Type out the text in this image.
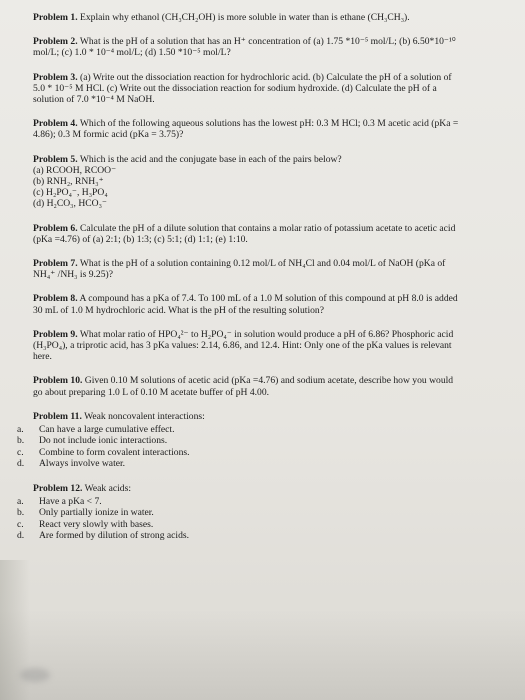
Problem 1. Explain why ethanol (CH₃CH₂OH) is more soluble in water than is ethane (CH₃CH₃).
Problem 2. What is the pH of a solution that has an H⁺ concentration of (a) 1.75 *10⁻⁵ mol/L; (b) 6.50*10⁻¹⁰
mol/L; (c) 1.0 * 10⁻⁴ mol/L; (d) 1.50 *10⁻⁵ mol/L?
Problem 3. (a) Write out the dissociation reaction for hydrochloric acid. (b) Calculate the pH of a solution of
5.0 * 10⁻⁵ M HCl. (c) Write out the dissociation reaction for sodium hydroxide. (d) Calculate the pH of a
solution of 7.0 *10⁻⁴ M NaOH.
Problem 4. Which of the following aqueous solutions has the lowest pH: 0.3 M HCl; 0.3 M acetic acid (pKa =
4.86); 0.3 M formic acid (pKa = 3.75)?
Problem 5. Which is the acid and the conjugate base in each of the pairs below?
(a) RCOOH, RCOO⁻
(b) RNH₂, RNH₃⁺
(c) H₂PO₄⁻, H₃PO₄
(d) H₂CO₃, HCO₃⁻
Problem 6. Calculate the pH of a dilute solution that contains a molar ratio of potassium acetate to acetic acid
(pKa =4.76) of (a) 2:1; (b) 1:3; (c) 5:1; (d) 1:1; (e) 1:10.
Problem 7. What is the pH of a solution containing 0.12 mol/L of NH₄Cl and 0.04 mol/L of NaOH (pKa of
NH₄⁺ /NH₃ is 9.25)?
Problem 8. A compound has a pKa of 7.4. To 100 mL of a 1.0 M solution of this compound at pH 8.0 is added
30 mL of 1.0 M hydrochloric acid. What is the pH of the resulting solution?
Problem 9. What molar ratio of HPO₄²⁻ to H₂PO₄⁻ in solution would produce a pH of 6.86? Phosphoric acid
(H₃PO₄), a triprotic acid, has 3 pKa values: 2.14, 6.86, and 12.4. Hint: Only one of the pKa values is relevant
here.
Problem 10. Given 0.10 M solutions of acetic acid (pKa =4.76) and sodium acetate, describe how you would
go about preparing 1.0 L of 0.10 M acetate buffer of pH 4.00.
Problem 11. Weak noncovalent interactions:
a.	Can have a large cumulative effect.
b.	Do not include ionic interactions.
c.	Combine to form covalent interactions.
d.	Always involve water.
Problem 12. Weak acids:
a.	Have a pKa < 7.
b.	Only partially ionize in water.
c.	React very slowly with bases.
d.	Are formed by dilution of strong acids.
